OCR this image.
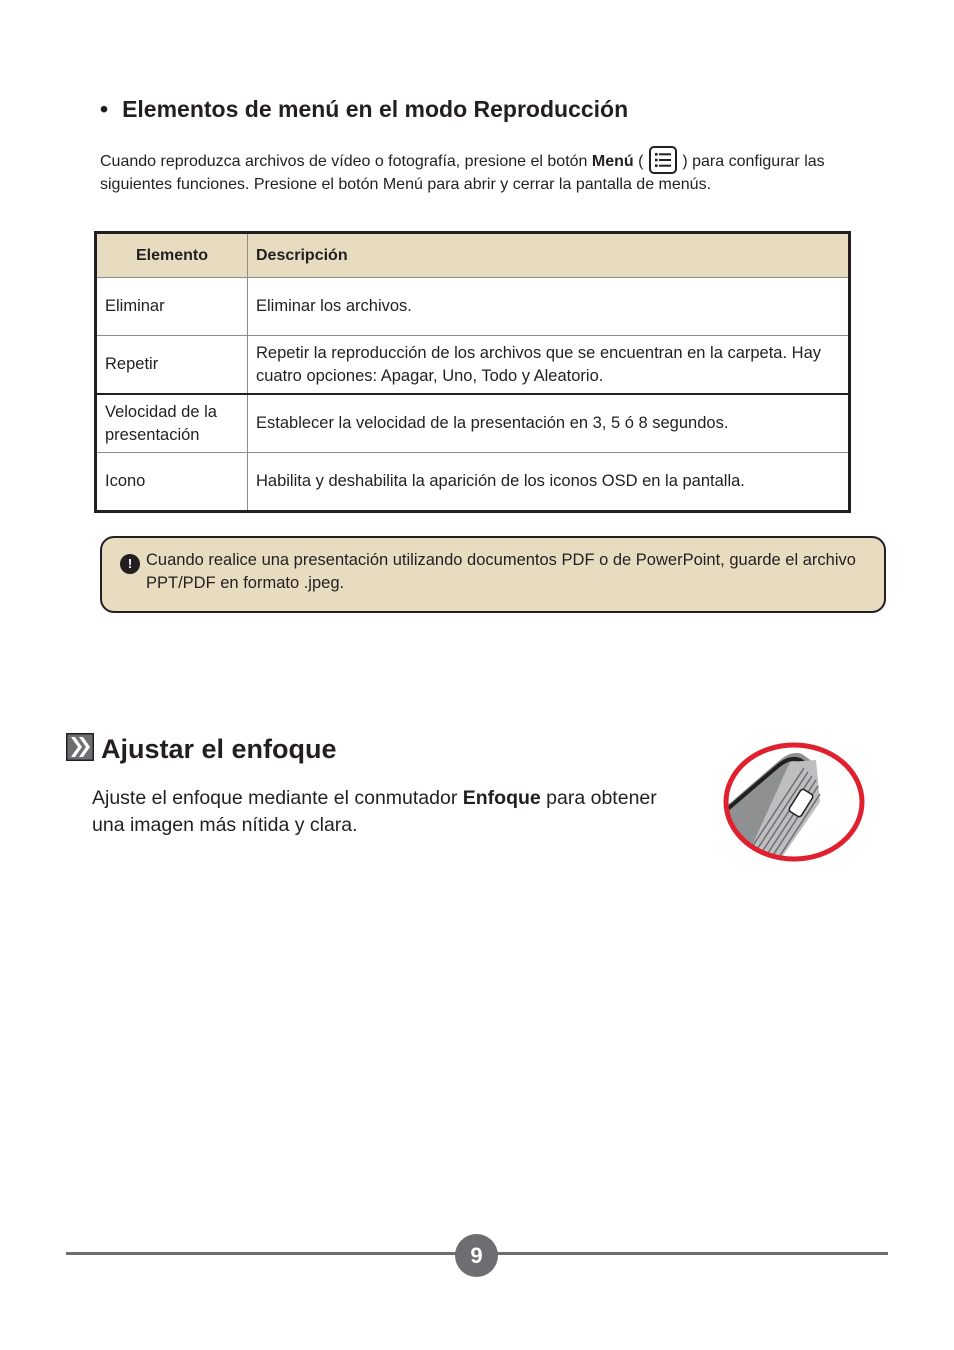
• Elementos de menú en el modo Reproducción
Cuando reproduzca archivos de vídeo o fotografía, presione el botón Menú ( ) para configurar las siguientes funciones. Presione el botón Menú para abrir y cerrar la pantalla de menús.
Elemento	Descripción
Eliminar	Eliminar los archivos.
Repetir	Repetir la reproducción de los archivos que se encuentran en la carpeta. Hay cuatro opciones: Apagar, Uno, Todo y Aleatorio.
Velocidad de la presentación	Establecer la velocidad de la presentación en 3, 5 ó 8 segundos.
Icono	Habilita y deshabilita la aparición de los iconos OSD en la pantalla.
! Cuando realice una presentación utilizando documentos PDF o de PowerPoint, guarde el archivo PPT/PDF en formato .jpeg.
Ajustar el enfoque
Ajuste el enfoque mediante el conmutador Enfoque para obtener una imagen más nítida y clara.
9
